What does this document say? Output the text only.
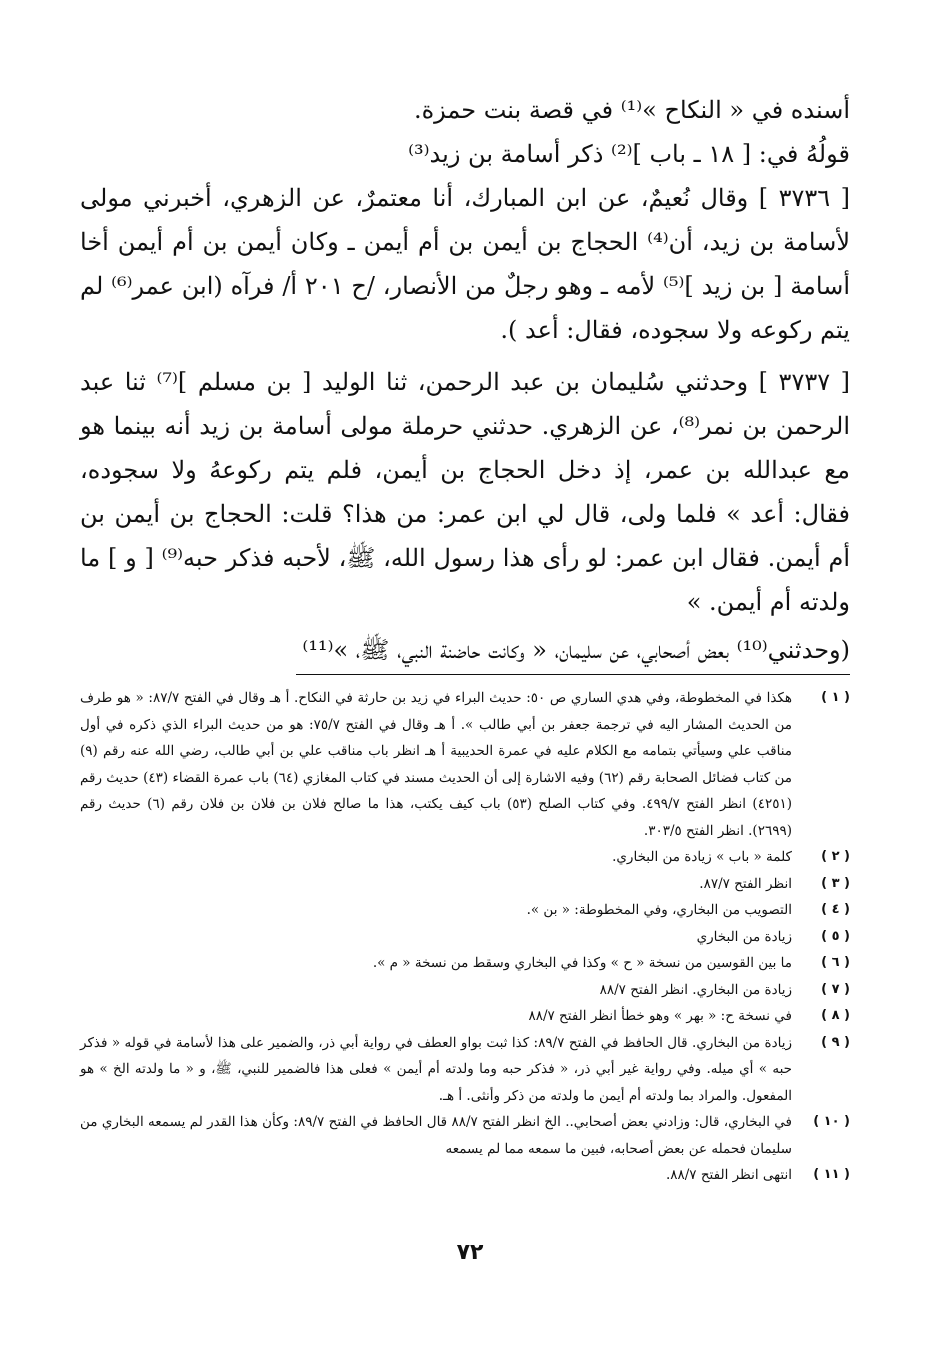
أسنده في « النكاح »⁽¹⁾ في قصة بنت حمزة.

قولُهُ في: [ ١٨ ـ باب ]⁽²⁾ ذكر أسامة بن زيد⁽³⁾

[ ٣٧٣٦ ] وقال نُعيمٌ، عن ابن المبارك، أنا معتمرٌ، عن الزهري، أخبرني مولى لأسامة بن زيد، أن⁽⁴⁾ الحجاج بن أيمن بن أم أيمن ـ وكان أيمن بن أم أيمن أخا أسامة [ بن زيد ]⁽⁵⁾ لأمه ـ وهو رجلٌ من الأنصار، /ح ٢٠١ أ/ فرآه (ابن عمر⁽⁶⁾ لم يتم ركوعه ولا سجوده، فقال: أعد ).

[ ٣٧٣٧ ] وحدثني سُليمان بن عبد الرحمن، ثنا الوليد [ بن مسلم ]⁽⁷⁾ ثنا عبد الرحمن بن نمر⁽⁸⁾، عن الزهري. حدثني حرملة مولى أسامة بن زيد أنه بينما هو مع عبدالله بن عمر، إذ دخل الحجاج بن أيمن، فلم يتم ركوعهُ ولا سجوده، فقال: أعد » فلما ولى، قال لي ابن عمر: من هذا؟ قلت: الحجاج بن أيمن بن أم أيمن. فقال ابن عمر: لو رأى هذا رسول الله، ﷺ، لأحبه فذكر حبه⁽⁹⁾ [ و ] ما ولدته أم أيمن. »

(وحدثني⁽¹⁰⁾ بعض أصحابي، عن سليمان، « وكانت حاضنة النبي، ﷺ، »⁽¹¹⁾
( ١ )
هكذا في المخطوطة، وفي هدي الساري ص ٥٠: حديث البراء في زيد بن حارثة في النكاح. أ هـ وقال في الفتح ٨٧/٧: « هو طرف من الحديث المشار اليه في ترجمة جعفر بن أبي طالب ». أ هـ وقال في الفتح ٧٥/٧: هو من حديث البراء الذي ذكره في أول مناقب علي وسيأتي بتمامه مع الكلام عليه في عمرة الحديبية أ هـ انظر باب مناقب علي بن أبي طالب، رضي الله عنه رقم (٩) من كتاب فضائل الصحابة رقم (٦٢) وفيه الاشارة إلى أن الحديث مسند في كتاب المغازي (٦٤) باب عمرة القضاء (٤٣) حديث رقم (٤٢٥١) انظر الفتح ٤٩٩/٧. وفي كتاب الصلح (٥٣) باب كيف يكتب، هذا ما صالح فلان بن فلان بن فلان رقم (٦) حديث رقم (٢٦٩٩). انظر الفتح ٣٠٣/٥.
( ٢ )
كلمة « باب » زيادة من البخاري.
( ٣ )
انظر الفتح ٨٧/٧.
( ٤ )
التصويب من البخاري، وفي المخطوطة: « بن ».
( ٥ )
زيادة من البخاري
( ٦ )
ما بين القوسين من نسخة « ح » وكذا في البخاري وسقط من نسخة « م ».
( ٧ )
زيادة من البخاري. انظر الفتح ٨٨/٧
( ٨ )
في نسخة ح: « بهر » وهو خطأ انظر الفتح ٨٨/٧
( ٩ )
زيادة من البخاري. قال الحافظ في الفتح ٨٩/٧: كذا ثبت بواو العطف في رواية أبي ذر، والضمير على هذا لأسامة في قوله « فذكر حبه » أي ميله. وفي رواية غير أبي ذر، « فذكر حبه وما ولدته أم أيمن » فعلى هذا فالضمير للنبي، ﷺ، و « ما ولدته الخ » هو المفعول. والمراد بما ولدته أم أيمن ما ولدته من ذكر وأنثى. أ هـ.
( ١٠ )
في البخاري، قال: وزادني بعض أصحابي.. الخ انظر الفتح ٨٨/٧ قال الحافظ في الفتح ٨٩/٧: وكأن هذا القدر لم يسمعه البخاري من سليمان فحمله عن بعض أصحابه، فبين ما سمعه مما لم يسمعه
( ١١ )
انتهى انظر الفتح ٨٨/٧.
٧٢
